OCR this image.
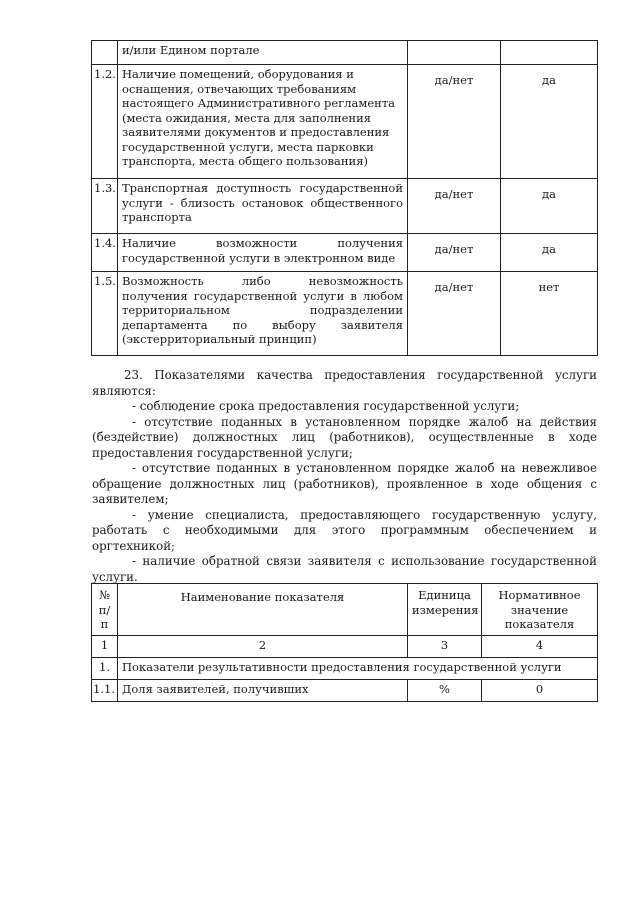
	и/или Едином портале		
1.2.	Наличие помещений, оборудования и оснащения, отвечающих требованиям настоящего Административного регламента (места ожидания, места для заполнения заявителями документов и предоставления государственной услуги, места парковки транспорта, места общего пользования)	да/нет	да
1.3.	Транспортная доступность государственной услуги - близость остановок общественного транспорта	да/нет	да
1.4.	Наличие возможности получения государственной услуги в электронном виде	да/нет	да
1.5.	Возможность либо невозможность получения государственной услуги в любом территориальном подразделении департамента по выбору заявителя (экстерриториальный принцип)	да/нет	нет

23. Показателями качества предоставления государственной услуги являются:

- соблюдение срока предоставления государственной услуги;

- отсутствие поданных в установленном порядке жалоб на действия (бездействие) должностных лиц (работников), осуществленные в ходе предоставления государственной услуги;

- отсутствие поданных в установленном порядке жалоб на невежливое обращение должностных лиц (работников), проявленное в ходе общения с заявителем;

- умение специалиста, предоставляющего государственную услугу, работать с необходимыми для этого программным обеспечением и оргтехникой;

- наличие обратной связи заявителя с использование государственной услуги.

№ п/п	Наименование показателя	Единица измерения	Нормативное значение показателя
1	2	3	4
1.	Показатели результативности предоставления государственной услуги		
1.1.	Доля заявителей, получивших	%	0
